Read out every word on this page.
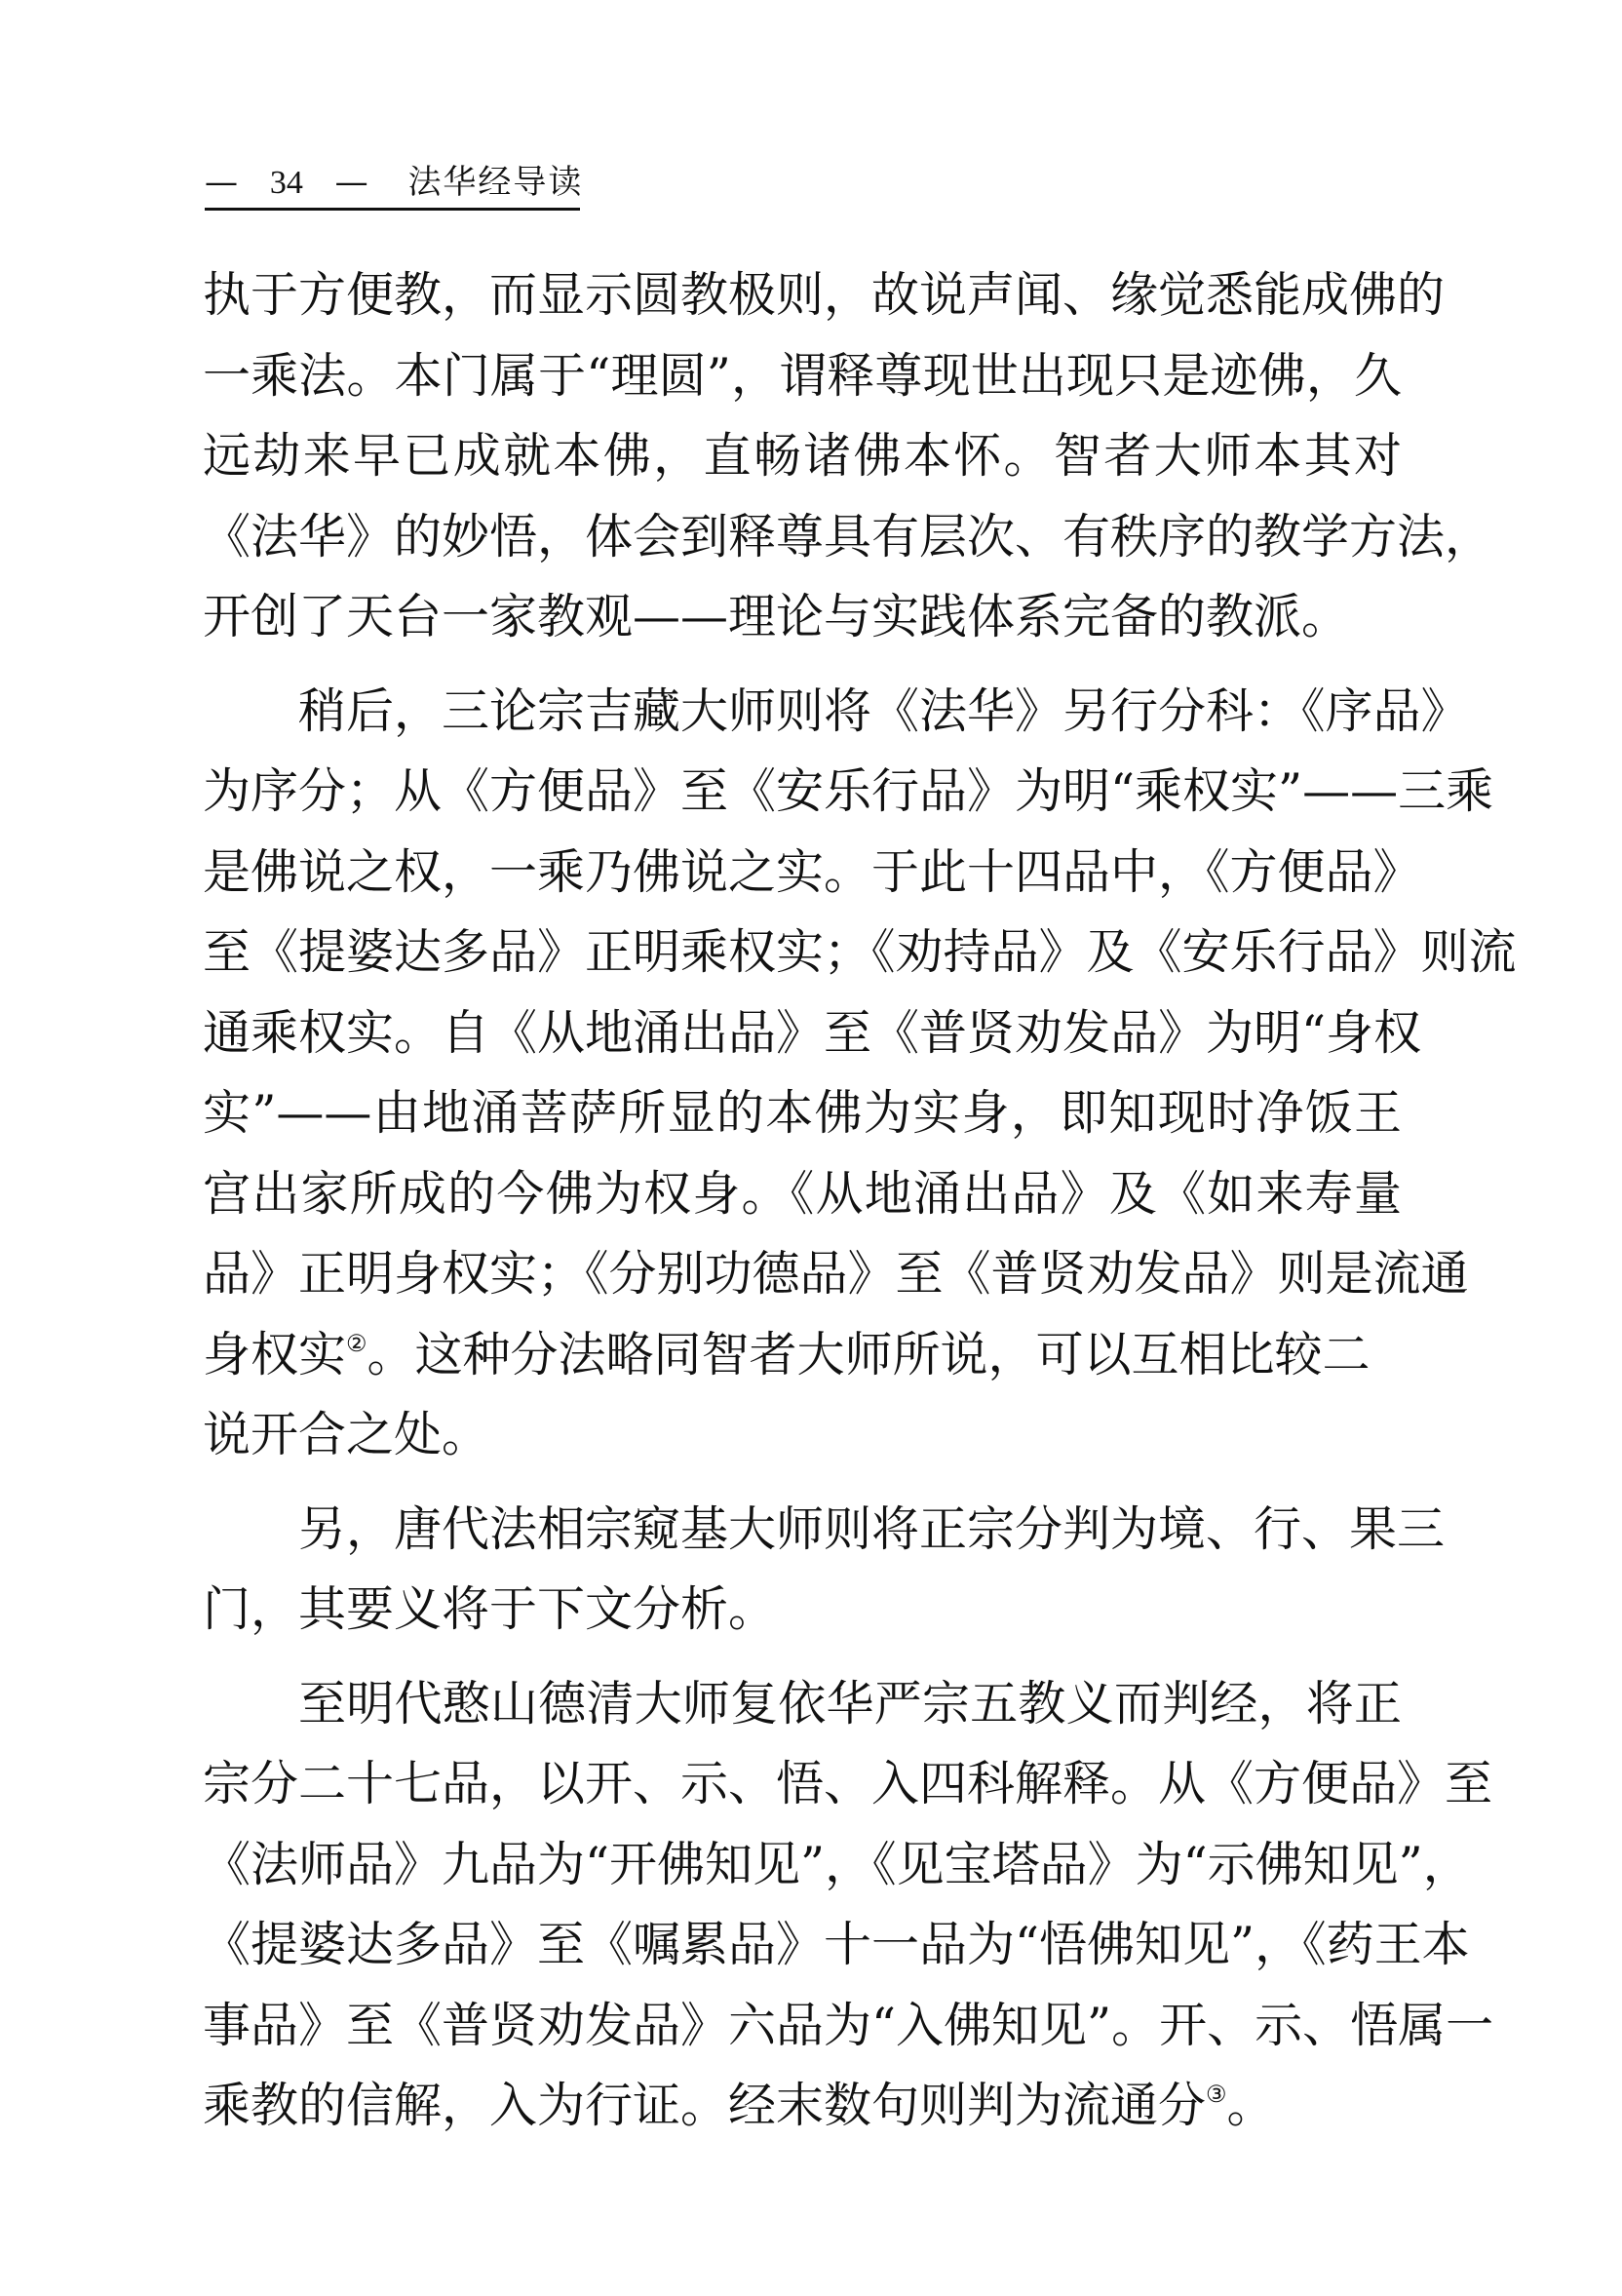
— 34 — 法华经导读
执于方便教，而显示圆教极则，故说声闻、缘觉悉能成佛的
一乘法。本门属于“理圆”，谓释尊现世出现只是迹佛，久
远劫来早已成就本佛，直畅诸佛本怀。智者大师本其对
《法华》的妙悟，体会到释尊具有层次、有秩序的教学方法，
开创了天台一家教观——理论与实践体系完备的教派。
稍后，三论宗吉藏大师则将《法华》另行分科：《序品》
为序分；从《方便品》至《安乐行品》为明“乘权实”——三乘
是佛说之权，一乘乃佛说之实。于此十四品中，《方便品》
至《提婆达多品》正明乘权实；《劝持品》及《安乐行品》则流
通乘权实。自《从地涌出品》至《普贤劝发品》为明“身权
实”——由地涌菩萨所显的本佛为实身，即知现时净饭王
宫出家所成的今佛为权身。《从地涌出品》及《如来寿量
品》正明身权实；《分别功德品》至《普贤劝发品》则是流通
身权实②。这种分法略同智者大师所说，可以互相比较二
说开合之处。
另，唐代法相宗窥基大师则将正宗分判为境、行、果三
门，其要义将于下文分析。
至明代憨山德清大师复依华严宗五教义而判经，将正
宗分二十七品，以开、示、悟、入四科解释。从《方便品》至
《法师品》九品为“开佛知见”，《见宝塔品》为“示佛知见”，
《提婆达多品》至《嘱累品》十一品为“悟佛知见”，《药王本
事品》至《普贤劝发品》六品为“入佛知见”。开、示、悟属一
乘教的信解，入为行证。经末数句则判为流通分③。
